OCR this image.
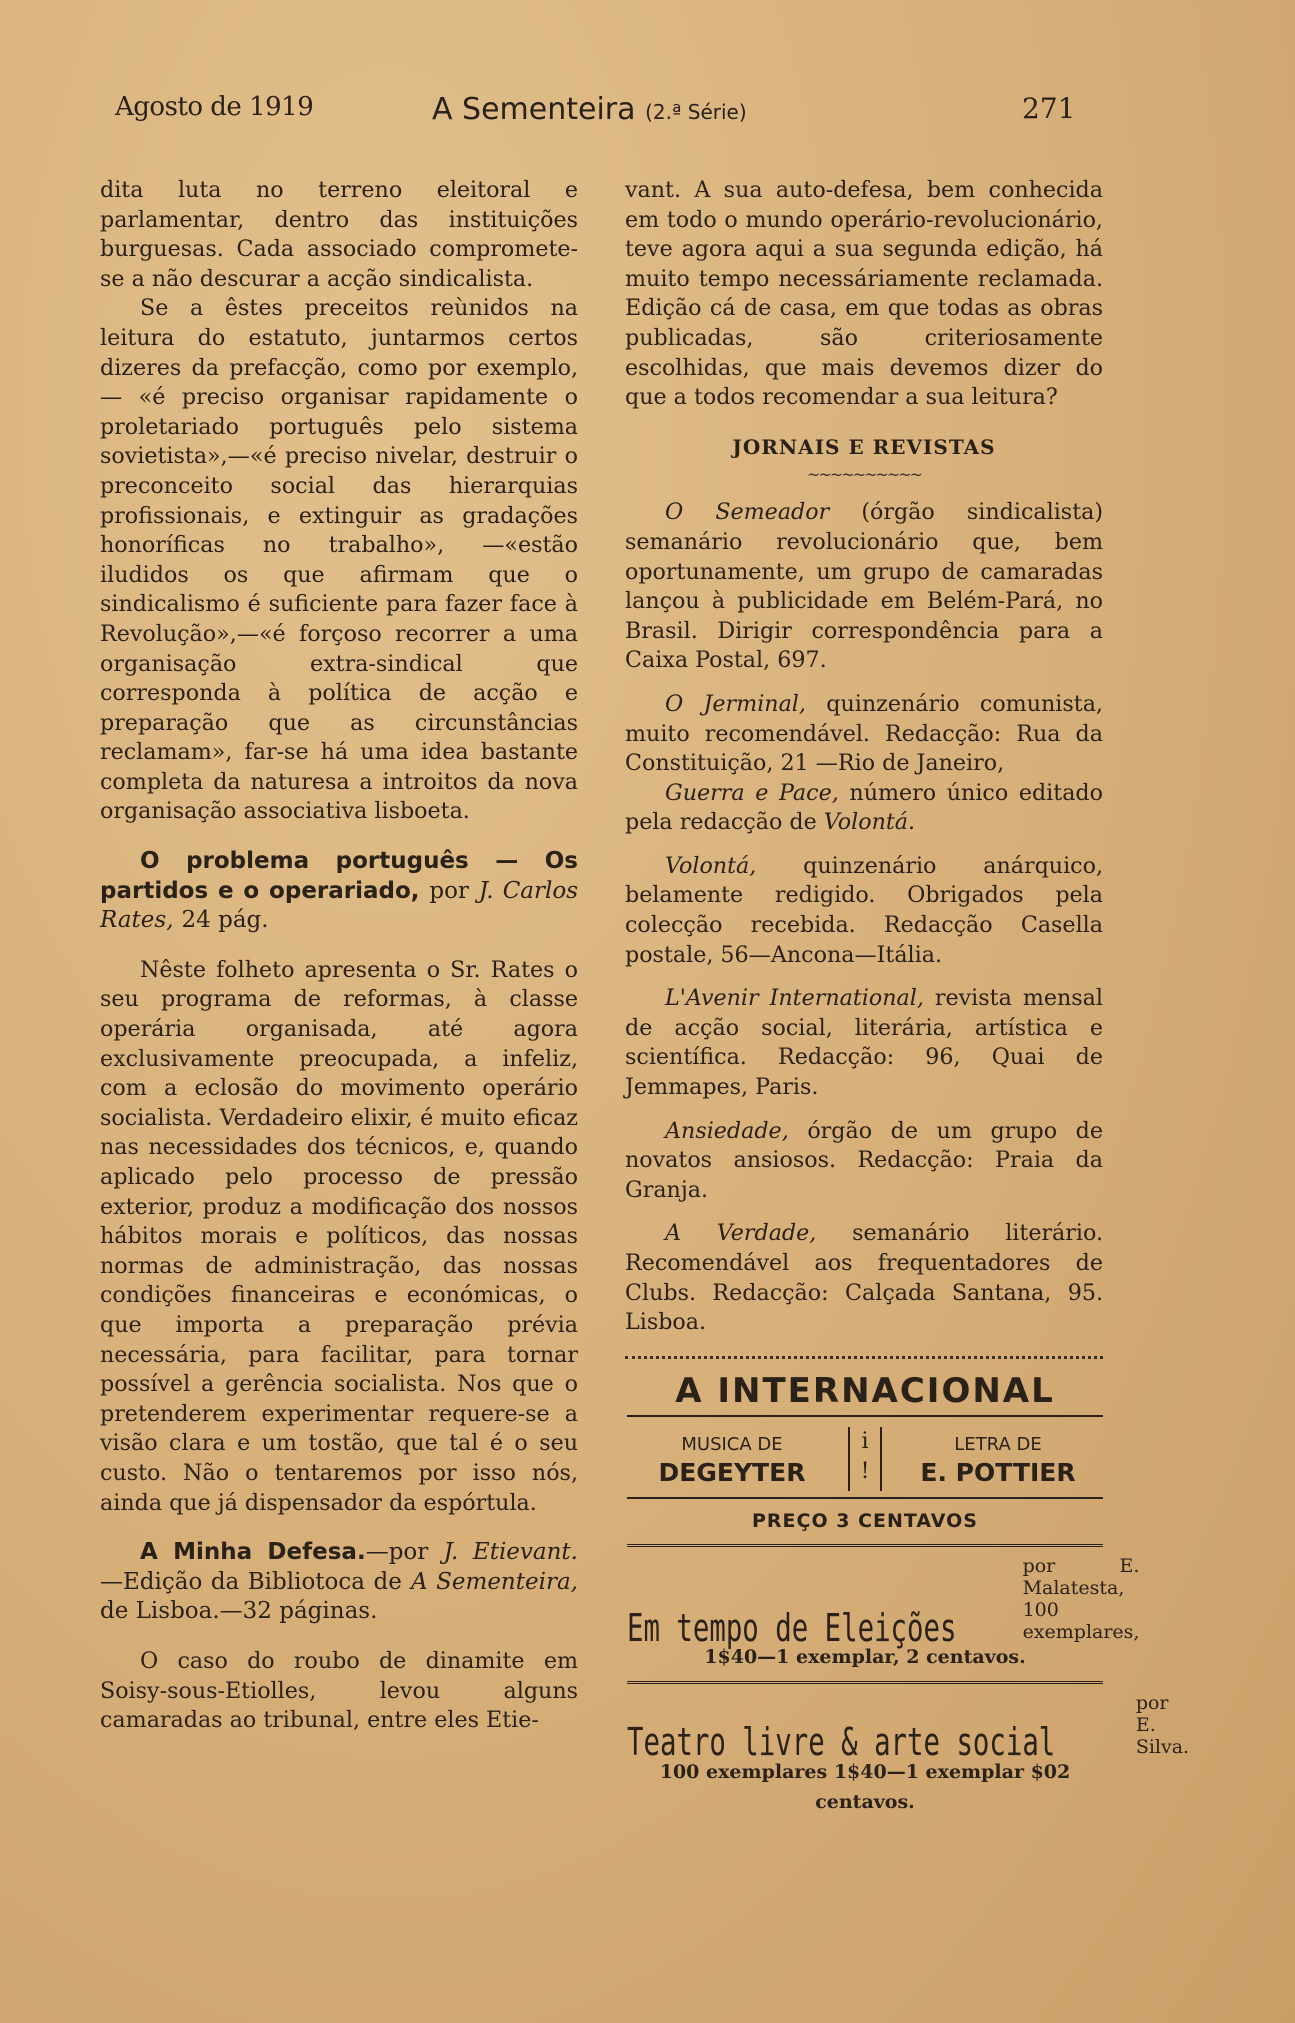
Agosto de 1919	A Sementeira (2.ª Série)	271

dita luta no terreno eleitoral e parlamentar, dentro das instituições burguesas. Cada associado compromete-se a não descurar a acção sindicalista.

Se a êstes preceitos reùnidos na leitura do estatuto, juntarmos certos dizeres da prefacção, como por exemplo, — «é preciso organisar rapidamente o proletariado português pelo sistema sovietista»,—«é preciso nivelar, destruir o preconceito social das hierarquias profissionais, e extinguir as gradações honoríficas no trabalho», —«estão iludidos os que afirmam que o sindicalismo é suficiente para fazer face à Revolução»,—«é forçoso recorrer a uma organisação extra-sindical que corresponda à política de acção e preparação que as circunstâncias reclamam», far-se há uma idea bastante completa da naturesa a introitos da nova organisação associativa lisboeta.

O problema português — Os partidos e o operariado, por J. Carlos Rates, 24 pág.

Nêste folheto apresenta o Sr. Rates o seu programa de reformas, à classe operária organisada, até agora exclusivamente preocupada, a infeliz, com a eclosão do movimento operário socialista. Verdadeiro elixir, é muito eficaz nas necessidades dos técnicos, e, quando aplicado pelo processo de pressão exterior, produz a modificação dos nossos hábitos morais e políticos, das nossas normas de administração, das nossas condições financeiras e económicas, o que importa a preparação prévia necessária, para facilitar, para tornar possível a gerência socialista. Nos que o pretenderem experimentar requere-se a visão clara e um tostão, que tal é o seu custo. Não o tentaremos por isso nós, ainda que já dispensador da espórtula.

A Minha Defesa.—por J. Etievant. —Edição da Bibliotoca de A Sementeira, de Lisboa.—32 páginas.

O caso do roubo de dinamite em Soisy-sous-Etiolles, levou alguns camaradas ao tribunal, entre eles Etie-

vant. A sua auto-defesa, bem conhecida em todo o mundo operário-revolucionário, teve agora aqui a sua segunda edição, há muito tempo necessáriamente reclamada. Edição cá de casa, em que todas as obras publicadas, são criteriosamente escolhidas, que mais devemos dizer do que a todos recomendar a sua leitura?

JORNAIS E REVISTAS
~~~~~~~~~~

O Semeador (órgão sindicalista) semanário revolucionário que, bem oportunamente, um grupo de camaradas lançou à publicidade em Belém-Pará, no Brasil. Dirigir correspondência para a Caixa Postal, 697.

O Jerminal, quinzenário comunista, muito recomendável. Redacção: Rua da Constituição, 21 —Rio de Janeiro,

Guerra e Pace, número único editado pela redacção de Volontá.

Volontá, quinzenário anárquico, belamente redigido. Obrigados pela colecção recebida. Redacção Casella postale, 56—Ancona—Itália.

L'Avenir International, revista mensal de acção social, literária, artística e scientífica. Redacção: 96, Quai de Jemmapes, Paris.

Ansiedade, órgão de um grupo de novatos ansiosos. Redacção: Praia da Granja.

A Verdade, semanário literário. Recomendável aos frequentadores de Clubs. Redacção: Calçada Santana, 95. Lisboa.

A INTERNACIONAL
MUSICA DE
DEGEYTER
i
!
LETRA DE
E. POTTIER
PREÇO 3 CENTAVOS
Em tempo de Eleições
por E. Malatesta,
100 exemplares,
1$40—1 exemplar, 2 centavos.
Teatro livre & arte social
por E. Silva.
100 exemplares 1$40—1 exemplar $02 centavos.
